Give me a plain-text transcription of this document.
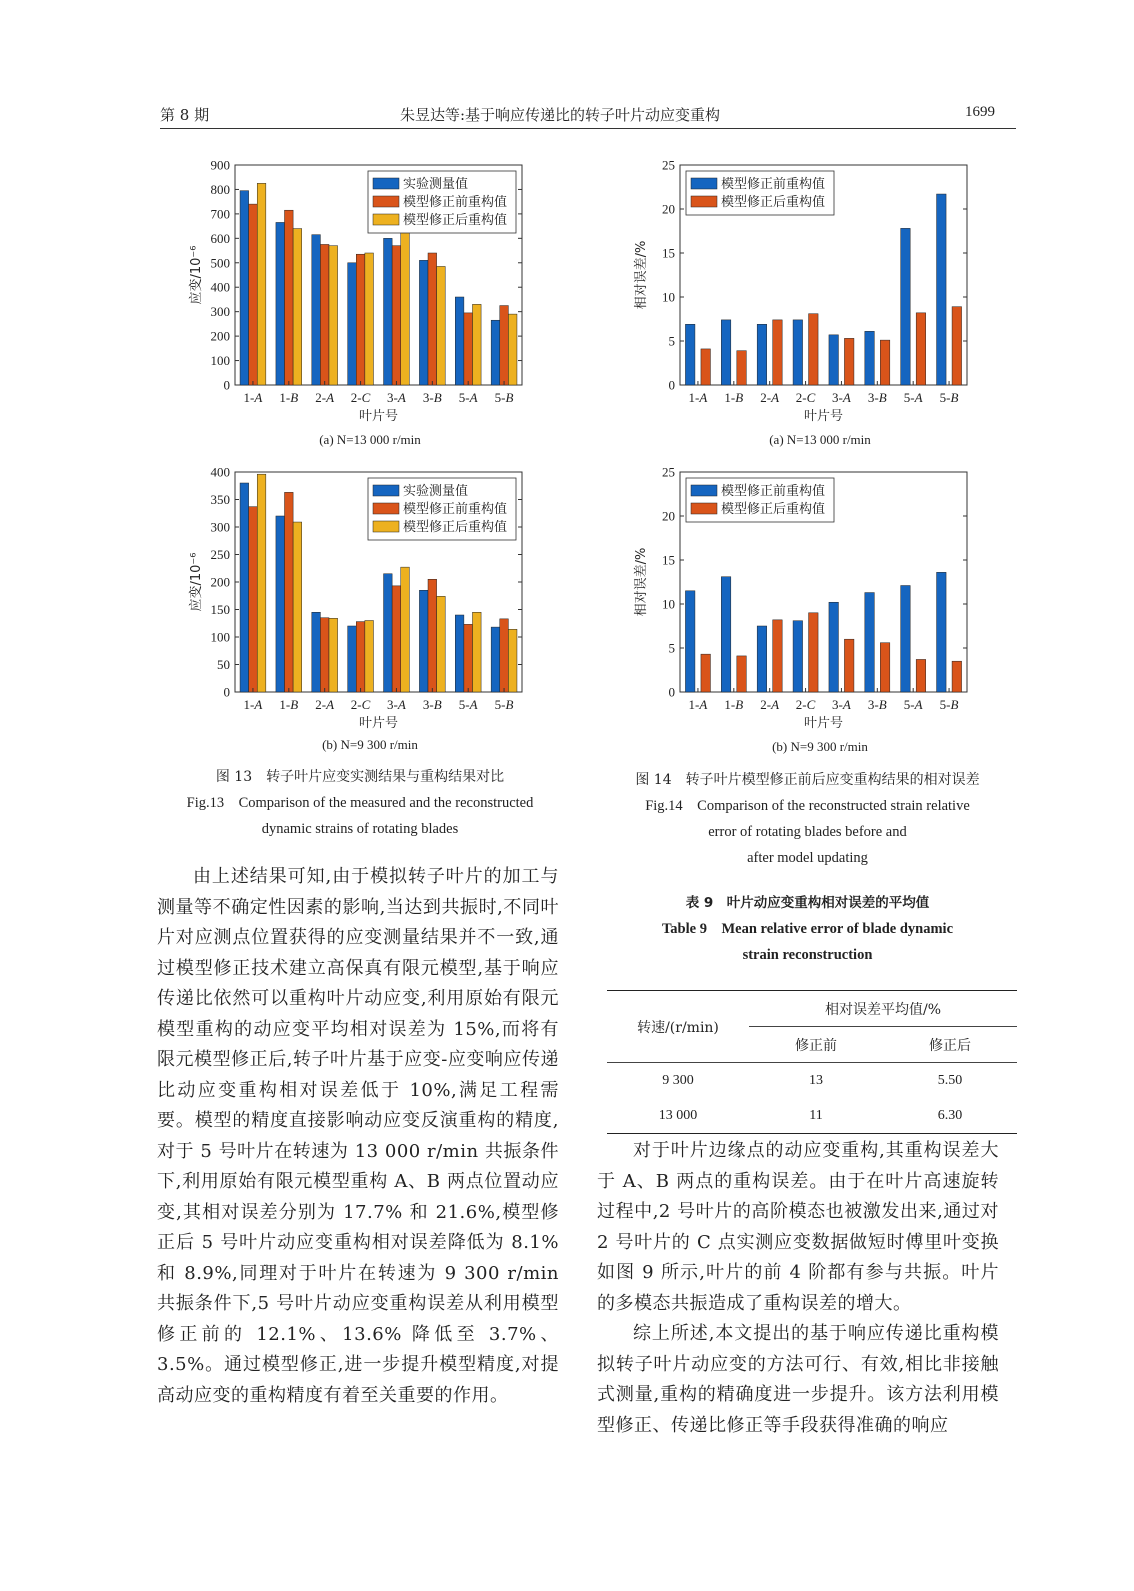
第 8 期	朱昱达等:基于响应传递比的转子叶片动应变重构	1699
0
100
200
300
400
500
600
700
800
900
1-A 1-B 2-A 2-C 3-A 3-B 5-A 5-B
叶片号
应变/10⁻⁶
实验测量值
模型修正前重构值
模型修正后重构值
(a) N=13 000 r/min
0
50
100
150
200
250
300
350
400
1-A 1-B 2-A 2-C 3-A 3-B 5-A 5-B
叶片号
应变/10⁻⁶
实验测量值
模型修正前重构值
模型修正后重构值
(b) N=9 300 r/min
0
5
10
15
20
25
1-A 1-B 2-A 2-C 3-A 3-B 5-A 5-B
叶片号
相对误差/%
模型修正前重构值
模型修正后重构值
(a) N=13 000 r/min
0
5
10
15
20
25
1-A 1-B 2-A 2-C 3-A 3-B 5-A 5-B
叶片号
相对误差/%
模型修正前重构值
模型修正后重构值
(b) N=9 300 r/min
图 13　转子叶片应变实测结果与重构结果对比
Fig.13　Comparison of the measured and the reconstructed
dynamic strains of rotating blades
图 14　转子叶片模型修正前后应变重构结果的相对误差
Fig.14　Comparison of the reconstructed strain relative
error of rotating blades before and
after model updating
表 9　叶片动应变重构相对误差的平均值
Table 9　Mean relative error of blade dynamic
strain reconstruction
转速/(r/min)	相对误差平均值/%	
	修正前	修正后
9 300	13	5.50
13 000	11	6.30

由上述结果可知,由于模拟转子叶片的加工与测量等不确定性因素的影响,当达到共振时,不同叶片对应测点位置获得的应变测量结果并不一致,通过模型修正技术建立高保真有限元模型,基于响应传递比依然可以重构叶片动应变,利用原始有限元模型重构的动应变平均相对误差为 15%,而将有限元模型修正后,转子叶片基于应变-应变响应传递比动应变重构相对误差低于 10%,满足工程需要。模型的精度直接影响动应变反演重构的精度,对于 5 号叶片在转速为 13 000 r/min 共振条件下,利用原始有限元模型重构 A、B 两点位置动应变,其相对误差分别为 17.7% 和 21.6%,模型修正后 5 号叶片动应变重构相对误差降低为 8.1% 和 8.9%,同理对于叶片在转速为 9 300 r/min 共振条件下,5 号叶片动应变重构误差从利用模型修正前的 12.1%、13.6% 降低至 3.7%、3.5%。通过模型修正,进一步提升模型精度,对提高动应变的重构精度有着至关重要的作用。

对于叶片边缘点的动应变重构,其重构误差大于 A、B 两点的重构误差。由于在叶片高速旋转过程中,2 号叶片的高阶模态也被激发出来,通过对 2 号叶片的 C 点实测应变数据做短时傅里叶变换如图 9 所示,叶片的前 4 阶都有参与共振。叶片的多模态共振造成了重构误差的增大。

综上所述,本文提出的基于响应传递比重构模拟转子叶片动应变的方法可行、有效,相比非接触式测量,重构的精确度进一步提升。该方法利用模型修正、传递比修正等手段获得准确的响应
